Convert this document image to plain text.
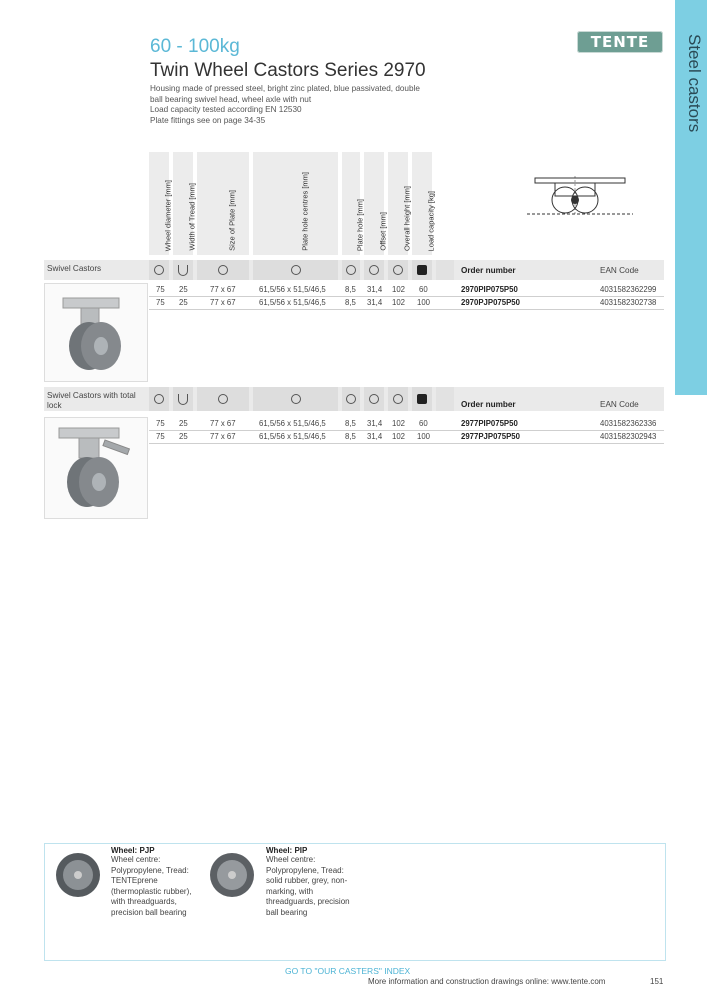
60 - 100kg
Twin Wheel Castors Series 2970
Housing made of pressed steel, bright zinc plated, blue passivated, double
ball bearing swivel head, wheel axle with nut
Load capacity tested according EN 12530
Plate fittings see on page 34-35
TENTE	Steel castors
Wheel diameter [mm] Width of Tread [mm]	Size of Plate [mm]	Plate hole centres [mm]	Plate hole [mm] Offset [mm] Overall height [mm] Load capacity [kg]
Swivel Castors	Order number	EAN Code
75 25	77 x 67	61,5/56 x 51,5/46,5 8,5 31,4 102 60	2970PIP075P50	4031582362299
75 25	77 x 67	61,5/56 x 51,5/46,5 8,5 31,4 102 100	2970PJP075P50	4031582302738
Swivel Castors with total lock	Order number	EAN Code
75 25	77 x 67	61,5/56 x 51,5/46,5 8,5 31,4 102 60	2977PIP075P50	4031582362336
75 25	77 x 67	61,5/56 x 51,5/46,5 8,5 31,4 102 100	2977PJP075P50	4031582302943
Wheel: PJP
Wheel centre:
Polypropylene, Tread:
TENTEprene
(thermoplastic rubber),
with threadguards,
precision ball bearing
Wheel: PIP
Wheel centre:
Polypropylene, Tread:
solid rubber, grey, non-
marking, with
threadguards, precision
ball bearing
GO TO "OUR CASTERS" INDEX
More information and construction drawings online: www.tente.com	151
